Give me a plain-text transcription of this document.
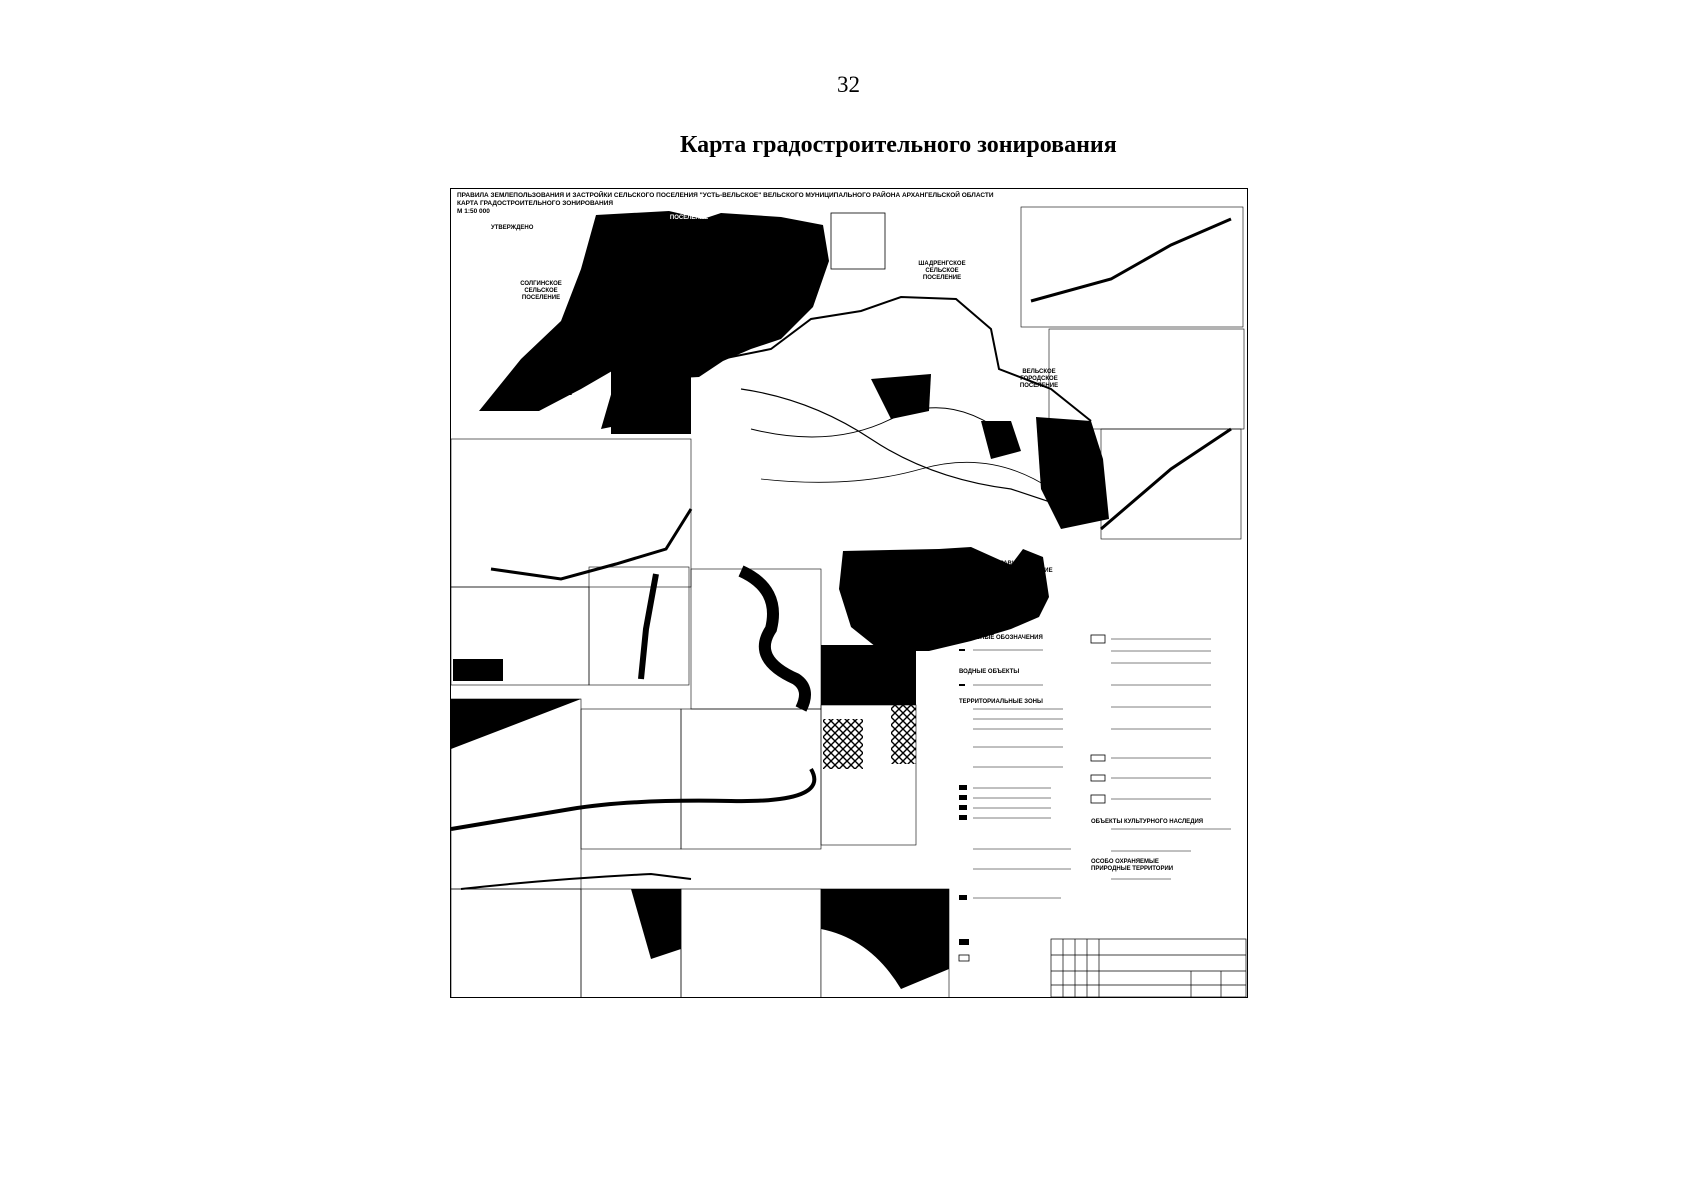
32
Карта градостроительного зонирования
ПРАВИЛА ЗЕМЛЕПОЛЬЗОВАНИЯ И ЗАСТРОЙКИ СЕЛЬСКОГО ПОСЕЛЕНИЯ "УСТЬ-ВЕЛЬСКОЕ" ВЕЛЬСКОГО МУНИЦИПАЛЬНОГО РАЙОНА АРХАНГЕЛЬСКОЙ ОБЛАСТИ
КАРТА ГРАДОСТРОИТЕЛЬНОГО ЗОНИРОВАНИЯ
М 1:50 000
УТВЕРЖДЕНО
КОЗЬМИНСКОЕ СЕЛЬСКОЕ ПОСЕЛЕНИЕ
ШАДРЕНГСКОЕ СЕЛЬСКОЕ ПОСЕЛЕНИЕ
СОЛГИНСКОЕ СЕЛЬСКОЕ ПОСЕЛЕНИЕ
ПЕЖМАРСКОЕ СЕЛЬСКОЕ ПОСЕЛЕНИЕ
ВЕЛЬСКОЕ ГОРОДСКОЕ ПОСЕЛЕНИЕ
МУРАВЬЕВСКОЕ СЕЛЬСКОЕ ПОСЕЛЕНИЕ
ВАГОВСКОЕ СЕЛЬСКОЕ ПОСЕЛЕНИЕ
УСЛОВНЫЕ ОБОЗНАЧЕНИЯ
ВОДНЫЕ ОБЪЕКТЫ
ТЕРРИТОРИАЛЬНЫЕ ЗОНЫ
ОБЪЕКТЫ КУЛЬТУРНОГО НАСЛЕДИЯ
ОСОБО ОХРАНЯЕМЫЕ ПРИРОДНЫЕ ТЕРРИТОРИИ
